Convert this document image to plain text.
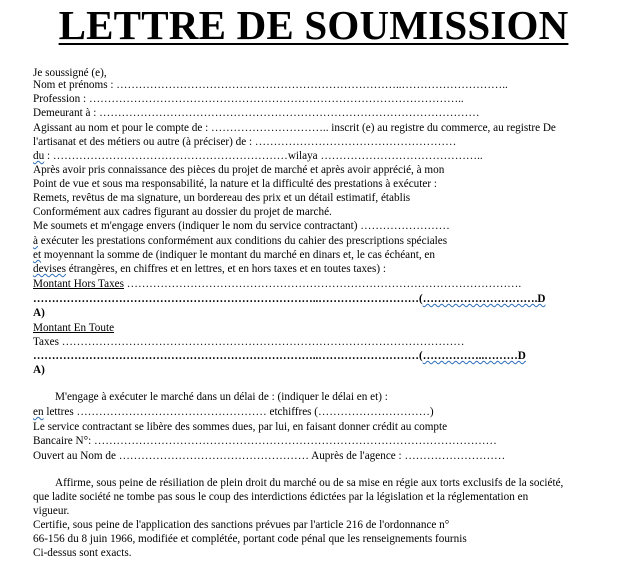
LETTRE DE SOUMISSION
Je soussigné (e),
Nom et prénoms : …………………………………………………………………..………………………..
Profession : ………………………………………………………………………………………..
Demeurant à : …………………………………………………………………………………………
Agissant au nom et pour le compte de : ………………………….. inscrit (e) au registre du commerce, au registre De
l'artisanat et des métiers ou autre (à préciser) de : ………………………………………………
du : ………………………………………………………wilaya ……………………………………..
Après avoir pris connaissance des pièces du projet de marché et après avoir apprécié, à mon
Point de vue et sous ma responsabilité, la nature et la difficulté des prestations à exécuter :
Remets, revêtus de ma signature, un bordereau des prix et un détail estimatif, établis
Conformément aux cadres figurant au dossier du projet de marché.
Me soumets et m'engage envers (indiquer le nom du service contractant) ……………………
à exécuter les prestations conformément aux conditions du cahier des prescriptions spéciales
et moyennant la somme de (indiquer le montant du marché en dinars et, le cas échéant, en
devises étrangères, en chiffres et en lettres, et en hors taxes et en toutes taxes) :
Montant Hors Taxes …………………………………………………………………………………………….
…………………………………………………………………..………………………(………………………….D
A)
Montant En Toute
Taxes ………………………………………………………………………………………………
…………………………………………………………………..………………………(……………..………D
A)
M'engage à exécuter le marché dans un délai de : (indiquer le délai en et) :
en lettres …………………………………………… etchiffres (…………………………)
Le service contractant se libère des sommes dues, par lui, en faisant donner crédit au compte
Bancaire N°: ………………………………………………………………………………………………
Ouvert au Nom de …………………………………………… Auprès de l'agence : ………………………
Affirme, sous peine de résiliation de plein droit du marché ou de sa mise en régie aux torts exclusifs de la société,
que ladite société ne tombe pas sous le coup des interdictions édictées par la législation et la réglementation en
vigueur.
Certifie, sous peine de l'application des sanctions prévues par l'article 216 de l'ordonnance n°
66-156 du 8 juin 1966, modifiée et complétée, portant code pénal que les renseignements fournis
Ci-dessus sont exacts.
